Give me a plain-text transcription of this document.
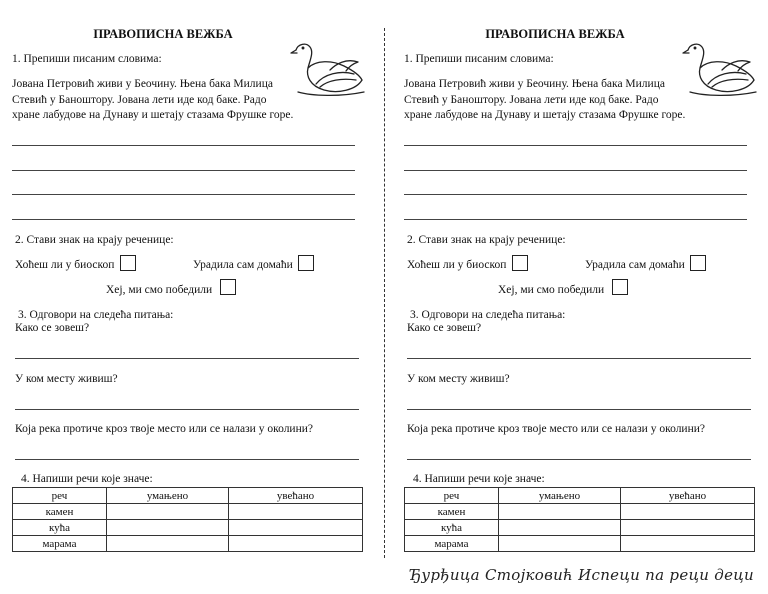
ПРАВОПИСНА ВЕЖБА
1. Препиши писаним словима:
Јована Петровић живи у Беочину. Њена бака Милица
Стевић у Баноштору. Јована лети иде код баке. Радо
хране лабудове на Дунаву и шетају стазама Фрушке горе.
2. Стави знак на крају реченице:
Хоћеш ли у биоскоп	Урадила сам домаћи
Хеј, ми смо победили
3. Одговори на следећа питања:
Како се зовеш?
У ком месту живиш?
Која река протиче кроз твоје место или се налази у околини?
4. Напиши речи које значе:
реч	умањено	увећано
камен		
кућа		
марама		
ПРАВОПИСНА ВЕЖБА
1. Препиши писаним словима:
Јована Петровић живи у Беочину. Њена бака Милица
Стевић у Баноштору. Јована лети иде код баке. Радо
хране лабудове на Дунаву и шетају стазама Фрушке горе.
2. Стави знак на крају реченице:
Хоћеш ли у биоскоп	Урадила сам домаћи
Хеј, ми смо победили
3. Одговори на следећа питања:
Како се зовеш?
У ком месту живиш?
Која река протиче кроз твоје место или се налази у околини?
4. Напиши речи које значе:
реч	умањено	увећано
камен		
кућа		
марама		
Ђурђица Стојковић Испеци па реци деци
